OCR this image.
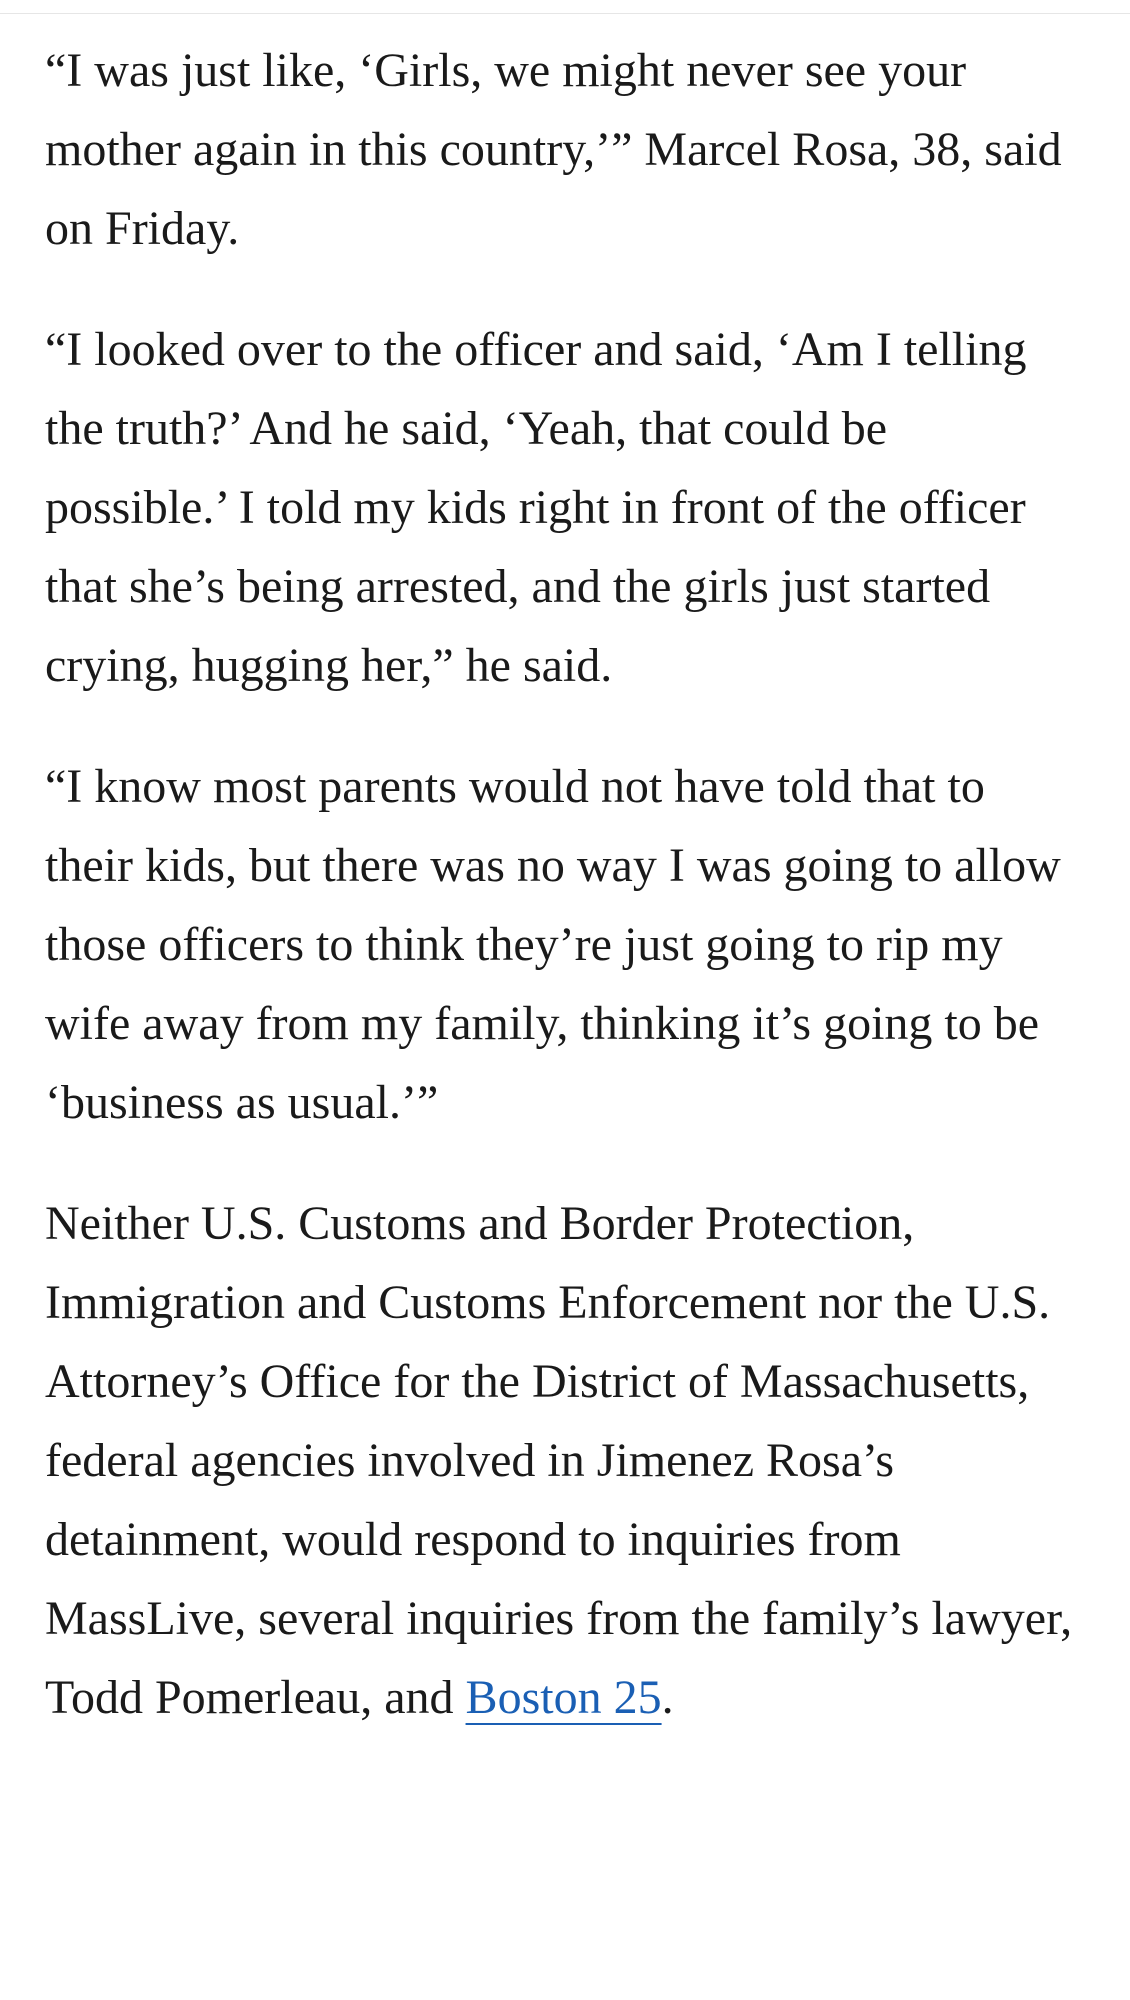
“I was just like, ‘Girls, we might never see your mother again in this country,’” Marcel Rosa, 38, said on Friday.

“I looked over to the officer and said, ‘Am I telling the truth?’ And he said, ‘Yeah, that could be possible.’ I told my kids right in front of the officer that she’s being arrested, and the girls just started crying, hugging her,” he said.

“I know most parents would not have told that to their kids, but there was no way I was going to allow those officers to think they’re just going to rip my wife away from my family, thinking it’s going to be ‘business as usual.’”

Neither U.S. Customs and Border Protection, Immigration and Customs Enforcement nor the U.S. Attorney’s Office for the District of Massachusetts, federal agencies involved in Jimenez Rosa’s detainment, would respond to inquiries from MassLive, several inquiries from the family’s lawyer, Todd Pomerleau, and Boston 25.
